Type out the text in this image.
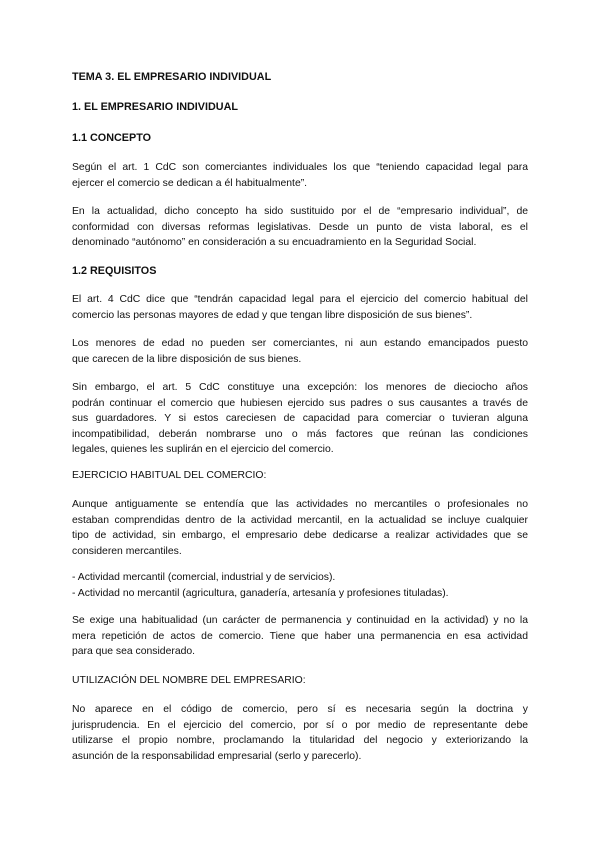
TEMA 3. EL EMPRESARIO INDIVIDUAL
1. EL EMPRESARIO INDIVIDUAL
1.1 CONCEPTO
Según el art. 1 CdC son comerciantes individuales los que “teniendo capacidad legal para
ejercer el comercio se dedican a él habitualmente”.
En la actualidad, dicho concepto ha sido sustituido por el de “empresario individual”, de
conformidad con diversas reformas legislativas. Desde un punto de vista laboral, es el
denominado “autónomo” en consideración a su encuadramiento en la Seguridad Social.
1.2 REQUISITOS
El art. 4 CdC dice que “tendrán capacidad legal para el ejercicio del comercio habitual del
comercio las personas mayores de edad y que tengan libre disposición de sus bienes”.
Los menores de edad no pueden ser comerciantes, ni aun estando emancipados puesto
que carecen de la libre disposición de sus bienes.
Sin embargo, el art. 5 CdC constituye una excepción: los menores de dieciocho años
podrán continuar el comercio que hubiesen ejercido sus padres o sus causantes a través de
sus guardadores. Y si estos careciesen de capacidad para comerciar o tuvieran alguna
incompatibilidad, deberán nombrarse uno o más factores que reúnan las condiciones
legales, quienes les suplirán en el ejercicio del comercio.
EJERCICIO HABITUAL DEL COMERCIO:
Aunque antiguamente se entendía que las actividades no mercantiles o profesionales no
estaban comprendidas dentro de la actividad mercantil, en la actualidad se incluye cualquier
tipo de actividad, sin embargo, el empresario debe dedicarse a realizar actividades que se
consideren mercantiles.
- Actividad mercantil (comercial, industrial y de servicios).
- Actividad no mercantil (agricultura, ganadería, artesanía y profesiones tituladas).
Se exige una habitualidad (un carácter de permanencia y continuidad en la actividad) y no la
mera repetición de actos de comercio. Tiene que haber una permanencia en esa actividad
para que sea considerado.
UTILIZACIÓN DEL NOMBRE DEL EMPRESARIO:
No aparece en el código de comercio, pero sí es necesaria según la doctrina y
jurisprudencia. En el ejercicio del comercio, por sí o por medio de representante debe
utilizarse el propio nombre, proclamando la titularidad del negocio y exteriorizando la
asunción de la responsabilidad empresarial (serlo y parecerlo).
